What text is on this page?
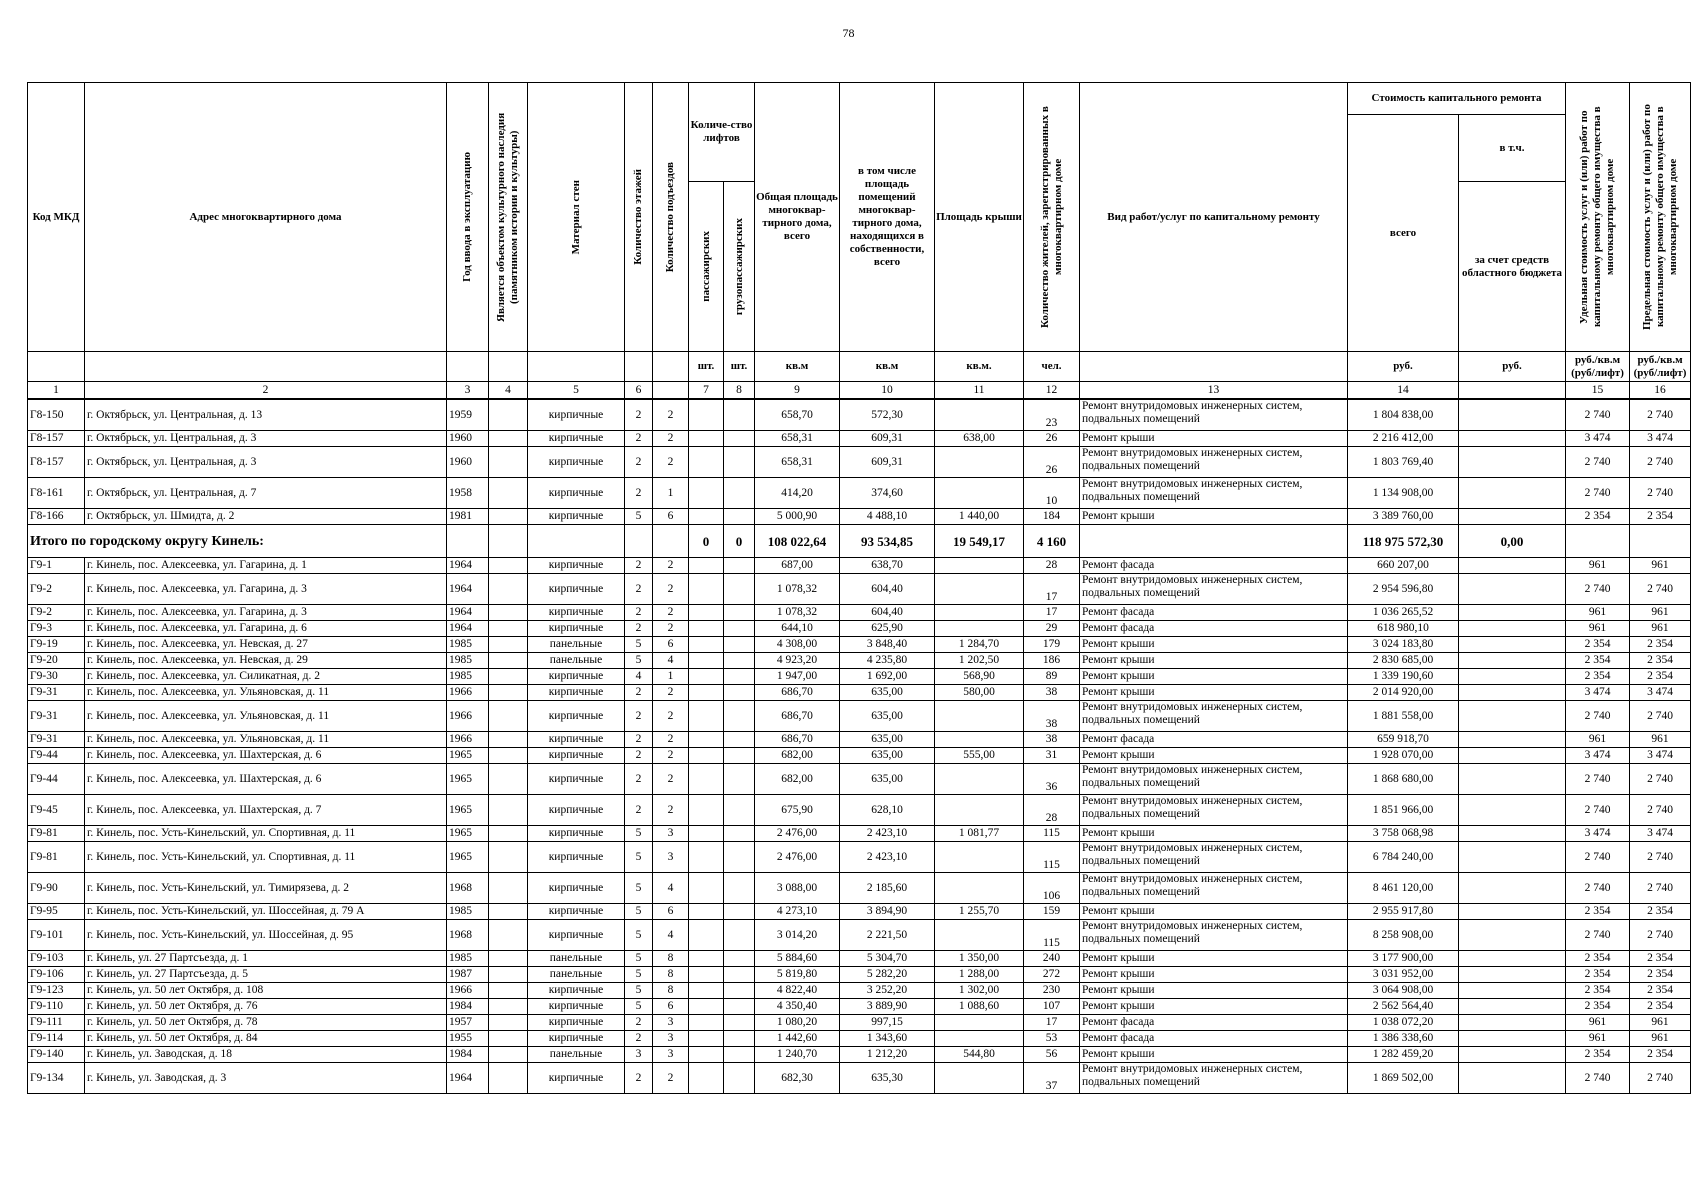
78
Код МКД	Адрес многоквартирного дома	Год ввода в эксплуатацию	Является объектом культурного наследия (памятником истории и культуры)	Материал стен	Количество этажей	Количество подъездов	Количе-ство лифтов		Общая площадь многоквар-тирного дома, всего	в том числе площадь помещений многоквар-тирного дома, находящихся в собственности, всего	Площадь крыши	Количество жителей, зарегистрированных в многоквартирном доме	Вид работ/услуг по капитальному ремонту	Стоимость капитального ремонта		Удельная стоимость услуг и (или) работ по капитальному ремонту общего имущества в многоквартирном доме	Предельная стоимость услуг и (или) работ по капитальному ремонту общего имущества в многоквартирном доме

														всего	в т.ч.		

							пассажирских	грузопассажирских							за счет средств областного бюджета		
							шт.	шт.	кв.м	кв.м	кв.м.	чел.		руб.	руб.	руб./кв.м (руб/лифт)	руб./кв.м (руб/лифт)
1	2	3	4	5	6		7	8	9	10	11	12	13	14		15	16
Г8-150	г. Октябрьск, ул. Центральная, д. 13	1959		кирпичные	2	2			658,70	572,30		23	Ремонт внутридомовых инженерных систем, подвальных помещений	1 804 838,00		2 740	2 740
Г8-157	г. Октябрьск, ул. Центральная, д. 3	1960		кирпичные	2	2			658,31	609,31	638,00	26	Ремонт крыши	2 216 412,00		3 474	3 474
Г8-157	г. Октябрьск, ул. Центральная, д. 3	1960		кирпичные	2	2			658,31	609,31		26	Ремонт внутридомовых инженерных систем, подвальных помещений	1 803 769,40		2 740	2 740
Г8-161	г. Октябрьск, ул. Центральная, д. 7	1958		кирпичные	2	1			414,20	374,60		10	Ремонт внутридомовых инженерных систем, подвальных помещений	1 134 908,00		2 740	2 740
Г8-166	г. Октябрьск, ул. Шмидта, д. 2	1981		кирпичные	5	6			5 000,90	4 488,10	1 440,00	184	Ремонт крыши	3 389 760,00		2 354	2 354
Итого по городскому округу Кинель:							0	0	108 022,64	93 534,85	19 549,17	4 160		118 975 572,30	0,00		
Г9-1	г. Кинель, пос. Алексеевка, ул. Гагарина, д. 1	1964		кирпичные	2	2			687,00	638,70		28	Ремонт фасада	660 207,00		961	961
Г9-2	г. Кинель, пос. Алексеевка, ул. Гагарина, д. 3	1964		кирпичные	2	2			1 078,32	604,40		17	Ремонт внутридомовых инженерных систем, подвальных помещений	2 954 596,80		2 740	2 740
Г9-2	г. Кинель, пос. Алексеевка, ул. Гагарина, д. 3	1964		кирпичные	2	2			1 078,32	604,40		17	Ремонт фасада	1 036 265,52		961	961
Г9-3	г. Кинель, пос. Алексеевка, ул. Гагарина, д. 6	1964		кирпичные	2	2			644,10	625,90		29	Ремонт фасада	618 980,10		961	961
Г9-19	г. Кинель, пос. Алексеевка, ул. Невская, д. 27	1985		панельные	5	6			4 308,00	3 848,40	1 284,70	179	Ремонт крыши	3 024 183,80		2 354	2 354
Г9-20	г. Кинель, пос. Алексеевка, ул. Невская, д. 29	1985		панельные	5	4			4 923,20	4 235,80	1 202,50	186	Ремонт крыши	2 830 685,00		2 354	2 354
Г9-30	г. Кинель, пос. Алексеевка, ул. Силикатная, д. 2	1985		кирпичные	4	1			1 947,00	1 692,00	568,90	89	Ремонт крыши	1 339 190,60		2 354	2 354
Г9-31	г. Кинель, пос. Алексеевка, ул. Ульяновская, д. 11	1966		кирпичные	2	2			686,70	635,00	580,00	38	Ремонт крыши	2 014 920,00		3 474	3 474
Г9-31	г. Кинель, пос. Алексеевка, ул. Ульяновская, д. 11	1966		кирпичные	2	2			686,70	635,00		38	Ремонт внутридомовых инженерных систем, подвальных помещений	1 881 558,00		2 740	2 740
Г9-31	г. Кинель, пос. Алексеевка, ул. Ульяновская, д. 11	1966		кирпичные	2	2			686,70	635,00		38	Ремонт фасада	659 918,70		961	961
Г9-44	г. Кинель, пос. Алексеевка, ул. Шахтерская, д. 6	1965		кирпичные	2	2			682,00	635,00	555,00	31	Ремонт крыши	1 928 070,00		3 474	3 474
Г9-44	г. Кинель, пос. Алексеевка, ул. Шахтерская, д. 6	1965		кирпичные	2	2			682,00	635,00		36	Ремонт внутридомовых инженерных систем, подвальных помещений	1 868 680,00		2 740	2 740
Г9-45	г. Кинель, пос. Алексеевка, ул. Шахтерская, д. 7	1965		кирпичные	2	2			675,90	628,10		28	Ремонт внутридомовых инженерных систем, подвальных помещений	1 851 966,00		2 740	2 740
Г9-81	г. Кинель, пос. Усть-Кинельский, ул. Спортивная, д. 11	1965		кирпичные	5	3			2 476,00	2 423,10	1 081,77	115	Ремонт крыши	3 758 068,98		3 474	3 474
Г9-81	г. Кинель, пос. Усть-Кинельский, ул. Спортивная, д. 11	1965		кирпичные	5	3			2 476,00	2 423,10		115	Ремонт внутридомовых инженерных систем, подвальных помещений	6 784 240,00		2 740	2 740
Г9-90	г. Кинель, пос. Усть-Кинельский, ул. Тимирязева, д. 2	1968		кирпичные	5	4			3 088,00	2 185,60		106	Ремонт внутридомовых инженерных систем, подвальных помещений	8 461 120,00		2 740	2 740
Г9-95	г. Кинель, пос. Усть-Кинельский, ул. Шоссейная, д. 79 А	1985		кирпичные	5	6			4 273,10	3 894,90	1 255,70	159	Ремонт крыши	2 955 917,80		2 354	2 354
Г9-101	г. Кинель, пос. Усть-Кинельский, ул. Шоссейная, д. 95	1968		кирпичные	5	4			3 014,20	2 221,50		115	Ремонт внутридомовых инженерных систем, подвальных помещений	8 258 908,00		2 740	2 740
Г9-103	г. Кинель, ул. 27 Партсъезда, д. 1	1985		панельные	5	8			5 884,60	5 304,70	1 350,00	240	Ремонт крыши	3 177 900,00		2 354	2 354
Г9-106	г. Кинель, ул. 27 Партсъезда, д. 5	1987		панельные	5	8			5 819,80	5 282,20	1 288,00	272	Ремонт крыши	3 031 952,00		2 354	2 354
Г9-123	г. Кинель, ул. 50 лет Октября, д. 108	1966		кирпичные	5	8			4 822,40	3 252,20	1 302,00	230	Ремонт крыши	3 064 908,00		2 354	2 354
Г9-110	г. Кинель, ул. 50 лет Октября, д. 76	1984		кирпичные	5	6			4 350,40	3 889,90	1 088,60	107	Ремонт крыши	2 562 564,40		2 354	2 354
Г9-111	г. Кинель, ул. 50 лет Октября, д. 78	1957		кирпичные	2	3			1 080,20	997,15		17	Ремонт фасада	1 038 072,20		961	961
Г9-114	г. Кинель, ул. 50 лет Октября, д. 84	1955		кирпичные	2	3			1 442,60	1 343,60		53	Ремонт фасада	1 386 338,60		961	961
Г9-140	г. Кинель, ул. Заводская, д. 18	1984		панельные	3	3			1 240,70	1 212,20	544,80	56	Ремонт крыши	1 282 459,20		2 354	2 354
Г9-134	г. Кинель, ул. Заводская, д. 3	1964		кирпичные	2	2			682,30	635,30		37	Ремонт внутридомовых инженерных систем, подвальных помещений	1 869 502,00		2 740	2 740
